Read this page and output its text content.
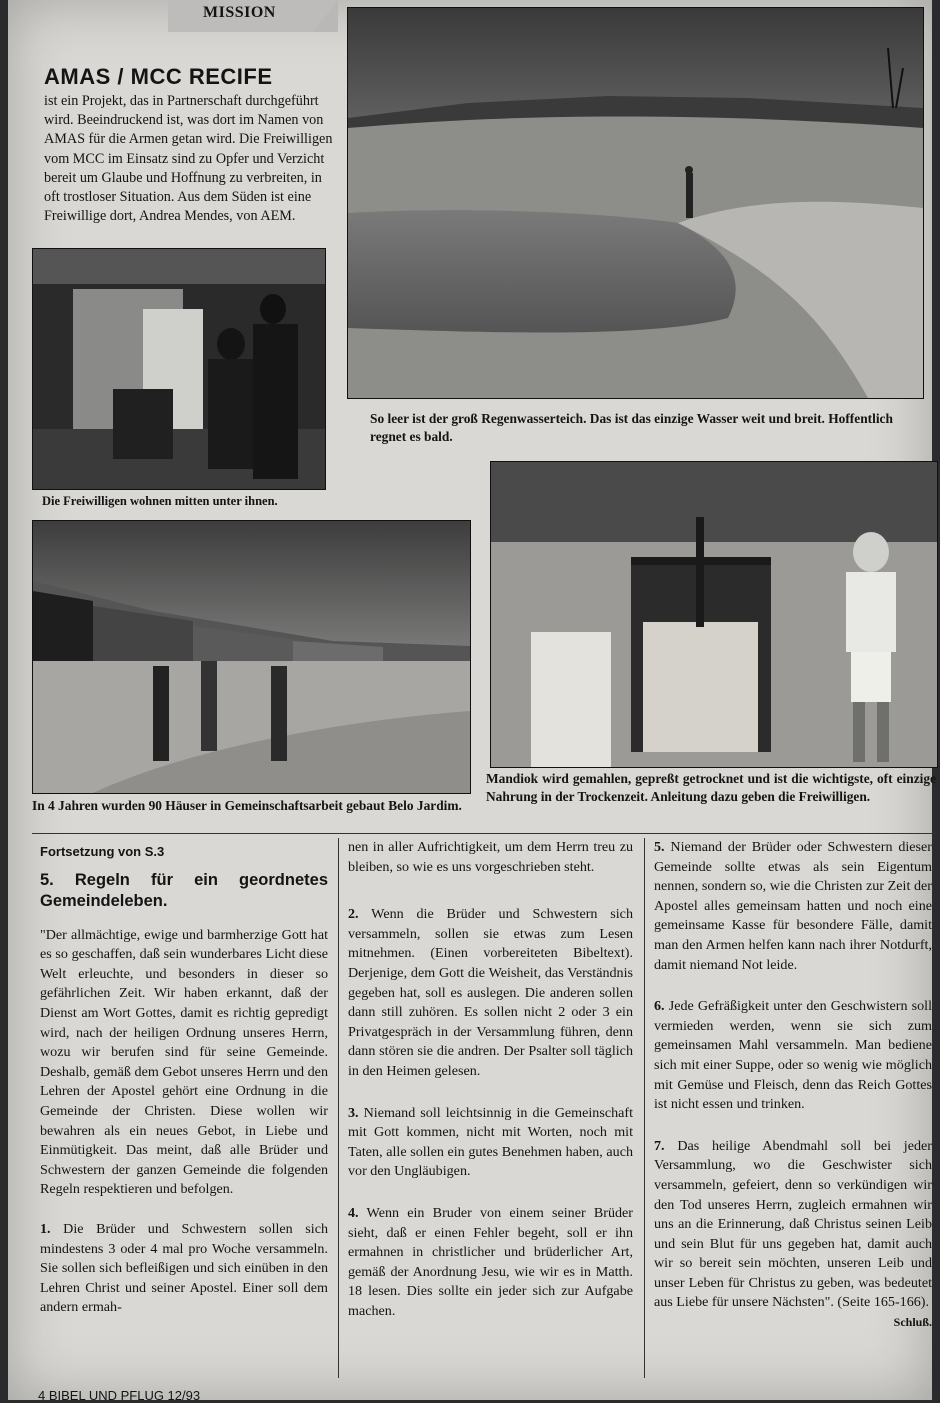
MISSION
AMAS / MCC RECIFE
ist ein Projekt, das in Partnerschaft durchgeführt wird. Beeindruckend ist, was dort im Namen von AMAS für die Armen getan wird. Die Freiwilligen vom MCC im Einsatz sind zu Opfer und Verzicht bereit um Glaube und Hoffnung zu verbreiten, in oft trostloser Situation. Aus dem Süden ist eine Freiwillige dort, Andrea Mendes, von AEM.
So leer ist der groß Regenwasserteich. Das ist das einzige Wasser weit und breit. Hoffentlich regnet es bald.
Die Freiwilligen wohnen mitten unter ihnen.
In 4 Jahren wurden 90 Häuser in Gemeinschaftsarbeit gebaut Belo Jardim.
Mandiok wird gemahlen, gepreßt getrocknet und ist die wichtigste, oft einzige Nahrung in der Trockenzeit. Anleitung dazu geben die Freiwilligen.

Fortsetzung von S.3

5. Regeln für ein geordnetes Gemeindeleben.

"Der allmächtige, ewige und barmherzige Gott hat es so geschaffen, daß sein wunderbares Licht diese Welt erleuchte, und besonders in dieser so gefährlichen Zeit. Wir haben erkannt, daß der Dienst am Wort Gottes, damit es richtig gepredigt wird, nach der heiligen Ordnung unseres Herrn, wozu wir berufen sind für seine Gemeinde. Deshalb, gemäß dem Gebot unseres Herrn und den Lehren der Apostel gehört eine Ordnung in die Gemeinde der Christen. Diese wollen wir bewahren als ein neues Gebot, in Liebe und Einmütigkeit. Das meint, daß alle Brüder und Schwestern der ganzen Gemeinde die folgenden Regeln respektieren und befolgen.

1. Die Brüder und Schwestern sollen sich mindestens 3 oder 4 mal pro Woche versammeln. Sie sollen sich befleißigen und sich einüben in den Lehren Christ und seiner Apostel. Einer soll dem andern ermah-

nen in aller Aufrichtigkeit, um dem Herrn treu zu bleiben, so wie es uns vorgeschrieben steht.

2. Wenn die Brüder und Schwestern sich versammeln, sollen sie etwas zum Lesen mitnehmen. (Einen vorbereiteten Bibeltext). Derjenige, dem Gott die Weisheit, das Verständnis gegeben hat, soll es auslegen. Die anderen sollen dann still zuhören. Es sollen nicht 2 oder 3 ein Privatgespräch in der Versammlung führen, denn dann stören sie die andren. Der Psalter soll täglich in den Heimen gelesen.

3. Niemand soll leichtsinnig in die Gemeinschaft mit Gott kommen, nicht mit Worten, noch mit Taten, alle sollen ein gutes Benehmen haben, auch vor den Ungläubigen.

4. Wenn ein Bruder von einem seiner Brüder sieht, daß er einen Fehler begeht, soll er ihn ermahnen in christlicher und brüderlicher Art, gemäß der Anordnung Jesu, wie wir es in Matth. 18 lesen. Dies sollte ein jeder sich zur Aufgabe machen.

5. Niemand der Brüder oder Schwestern dieser Gemeinde sollte etwas als sein Eigentum nennen, sondern so, wie die Christen zur Zeit der Apostel alles gemeinsam hatten und noch eine gemeinsame Kasse für besondere Fälle, damit man den Armen helfen kann nach ihrer Notdurft, damit niemand Not leide.

6. Jede Gefräßigkeit unter den Geschwistern soll vermieden werden, wenn sie sich zum gemeinsamen Mahl versammeln. Man bediene sich mit einer Suppe, oder so wenig wie möglich mit Gemüse und Fleisch, denn das Reich Gottes ist nicht essen und trinken.

7. Das heilige Abendmahl soll bei jeder Versammlung, wo die Geschwister sich versammeln, gefeiert, denn so verkündigen wir den Tod unseres Herrn, zugleich ermahnen wir uns an die Erinnerung, daß Christus seinen Leib und sein Blut für uns gegeben hat, damit auch wir so bereit sein möchten, unseren Leib und unser Leben für Christus zu geben, was bedeutet aus Liebe für unsere Nächsten". (Seite 165-166).
Schluß.

4 BIBEL UND PFLUG 12/93
